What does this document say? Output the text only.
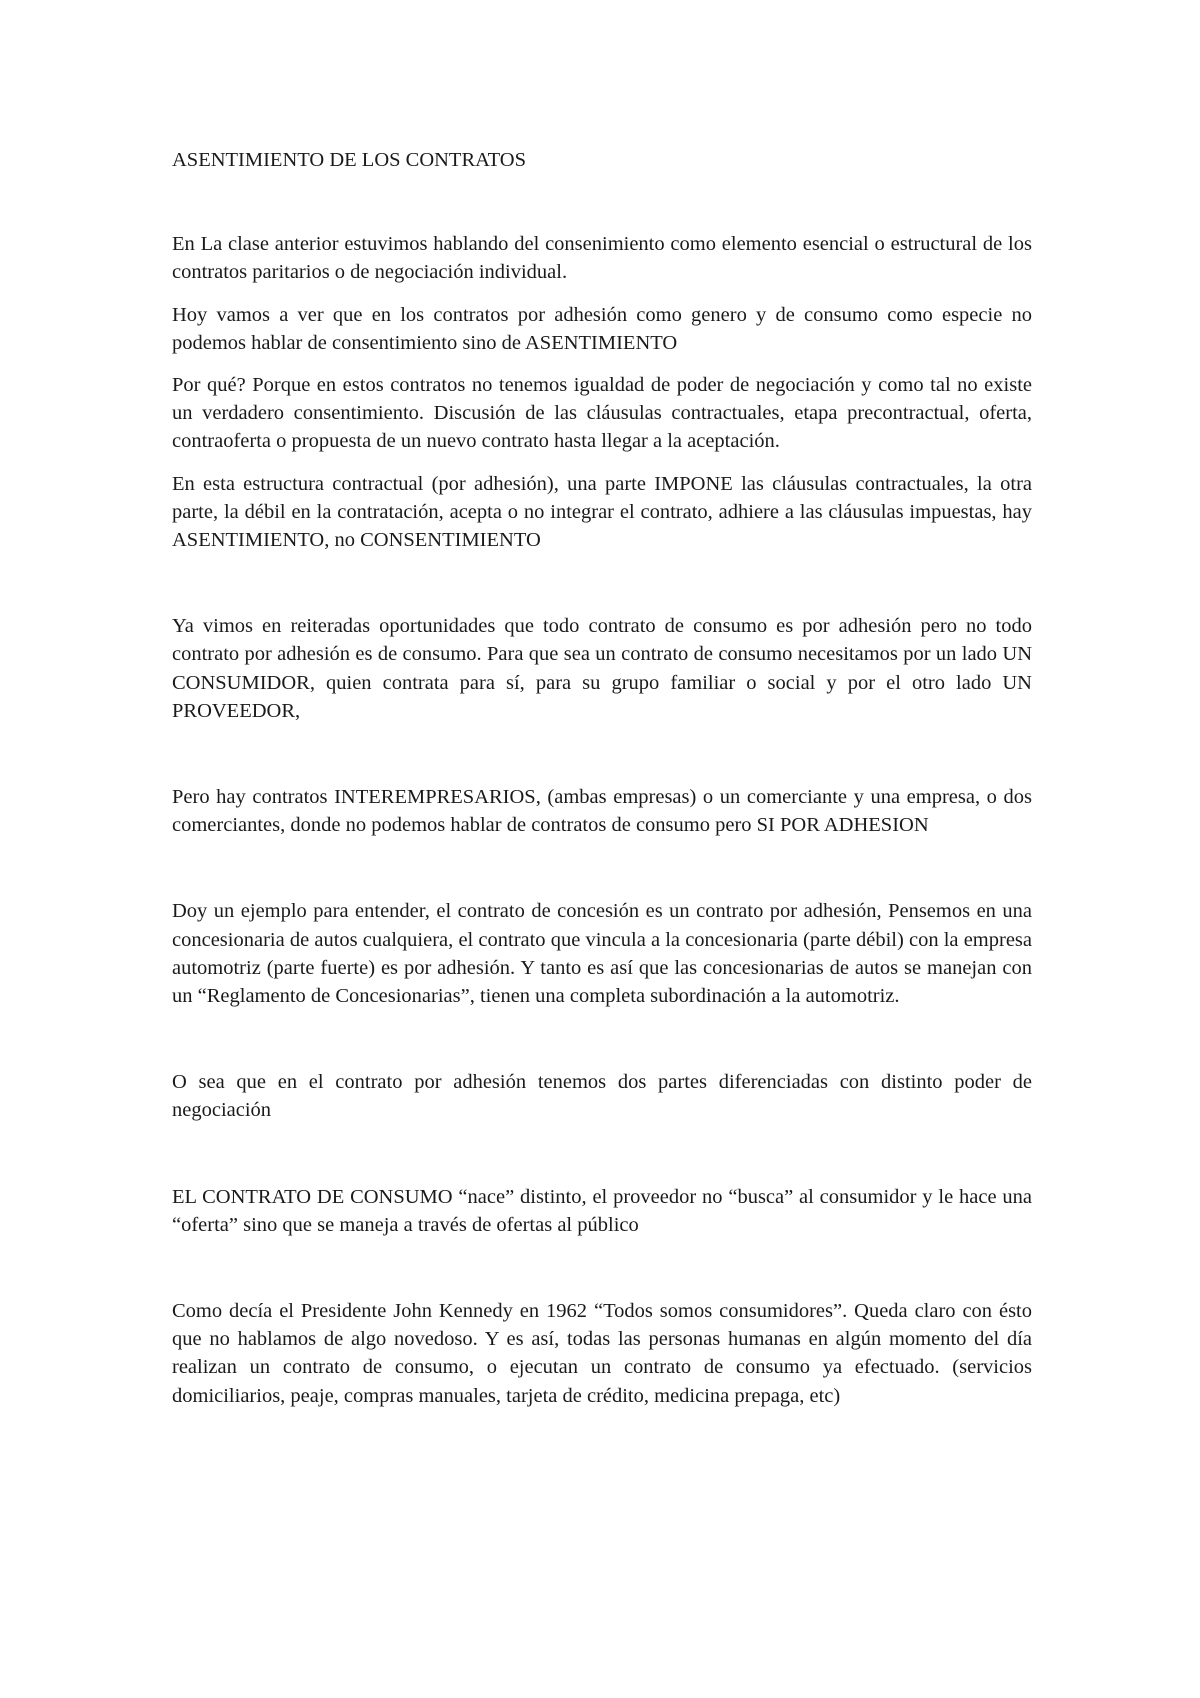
ASENTIMIENTO DE LOS CONTRATOS

En La clase anterior estuvimos hablando del consenimiento como elemento esencial o estructural de los contratos paritarios o de negociación individual.

Hoy vamos a ver que en los contratos por adhesión como genero y de consumo como especie no podemos hablar de consentimiento sino de ASENTIMIENTO

Por qué? Porque en estos contratos no tenemos igualdad de poder de negociación y como tal no existe un verdadero consentimiento. Discusión de las cláusulas contractuales, etapa precontractual, oferta, contraoferta o propuesta de un nuevo contrato hasta llegar a la aceptación.

En esta estructura contractual (por adhesión), una parte IMPONE las cláusulas contractuales, la otra parte, la débil en la contratación, acepta o no integrar el contrato, adhiere a las cláusulas impuestas, hay ASENTIMIENTO, no CONSENTIMIENTO

Ya vimos en reiteradas oportunidades que todo contrato de consumo es por adhesión pero no todo contrato por adhesión es de consumo. Para que sea un contrato de consumo necesitamos por un lado UN CONSUMIDOR, quien contrata para sí, para su grupo familiar o social y por el otro lado UN PROVEEDOR,

Pero hay contratos INTEREMPRESARIOS, (ambas empresas) o un comerciante y una empresa, o dos comerciantes, donde no podemos hablar de contratos de consumo pero SI POR ADHESION

Doy un ejemplo para entender, el contrato de concesión es un contrato por adhesión, Pensemos en una concesionaria de autos cualquiera, el contrato que vincula a la concesionaria (parte débil) con la empresa automotriz (parte fuerte) es por adhesión. Y tanto es así que las concesionarias de autos se manejan con un “Reglamento de Concesionarias”, tienen una completa subordinación a la automotriz.

O sea que en el contrato por adhesión tenemos dos partes diferenciadas con distinto poder de negociación

EL CONTRATO DE CONSUMO “nace” distinto, el proveedor no “busca” al consumidor y le hace una “oferta” sino que se maneja a través de ofertas al público

Como decía el Presidente John Kennedy en 1962 “Todos somos consumidores”. Queda claro con ésto que no hablamos de algo novedoso. Y es así, todas las personas humanas en algún momento del día realizan un contrato de consumo, o ejecutan un contrato de consumo ya efectuado. (servicios domiciliarios, peaje, compras manuales, tarjeta de crédito, medicina prepaga, etc)
